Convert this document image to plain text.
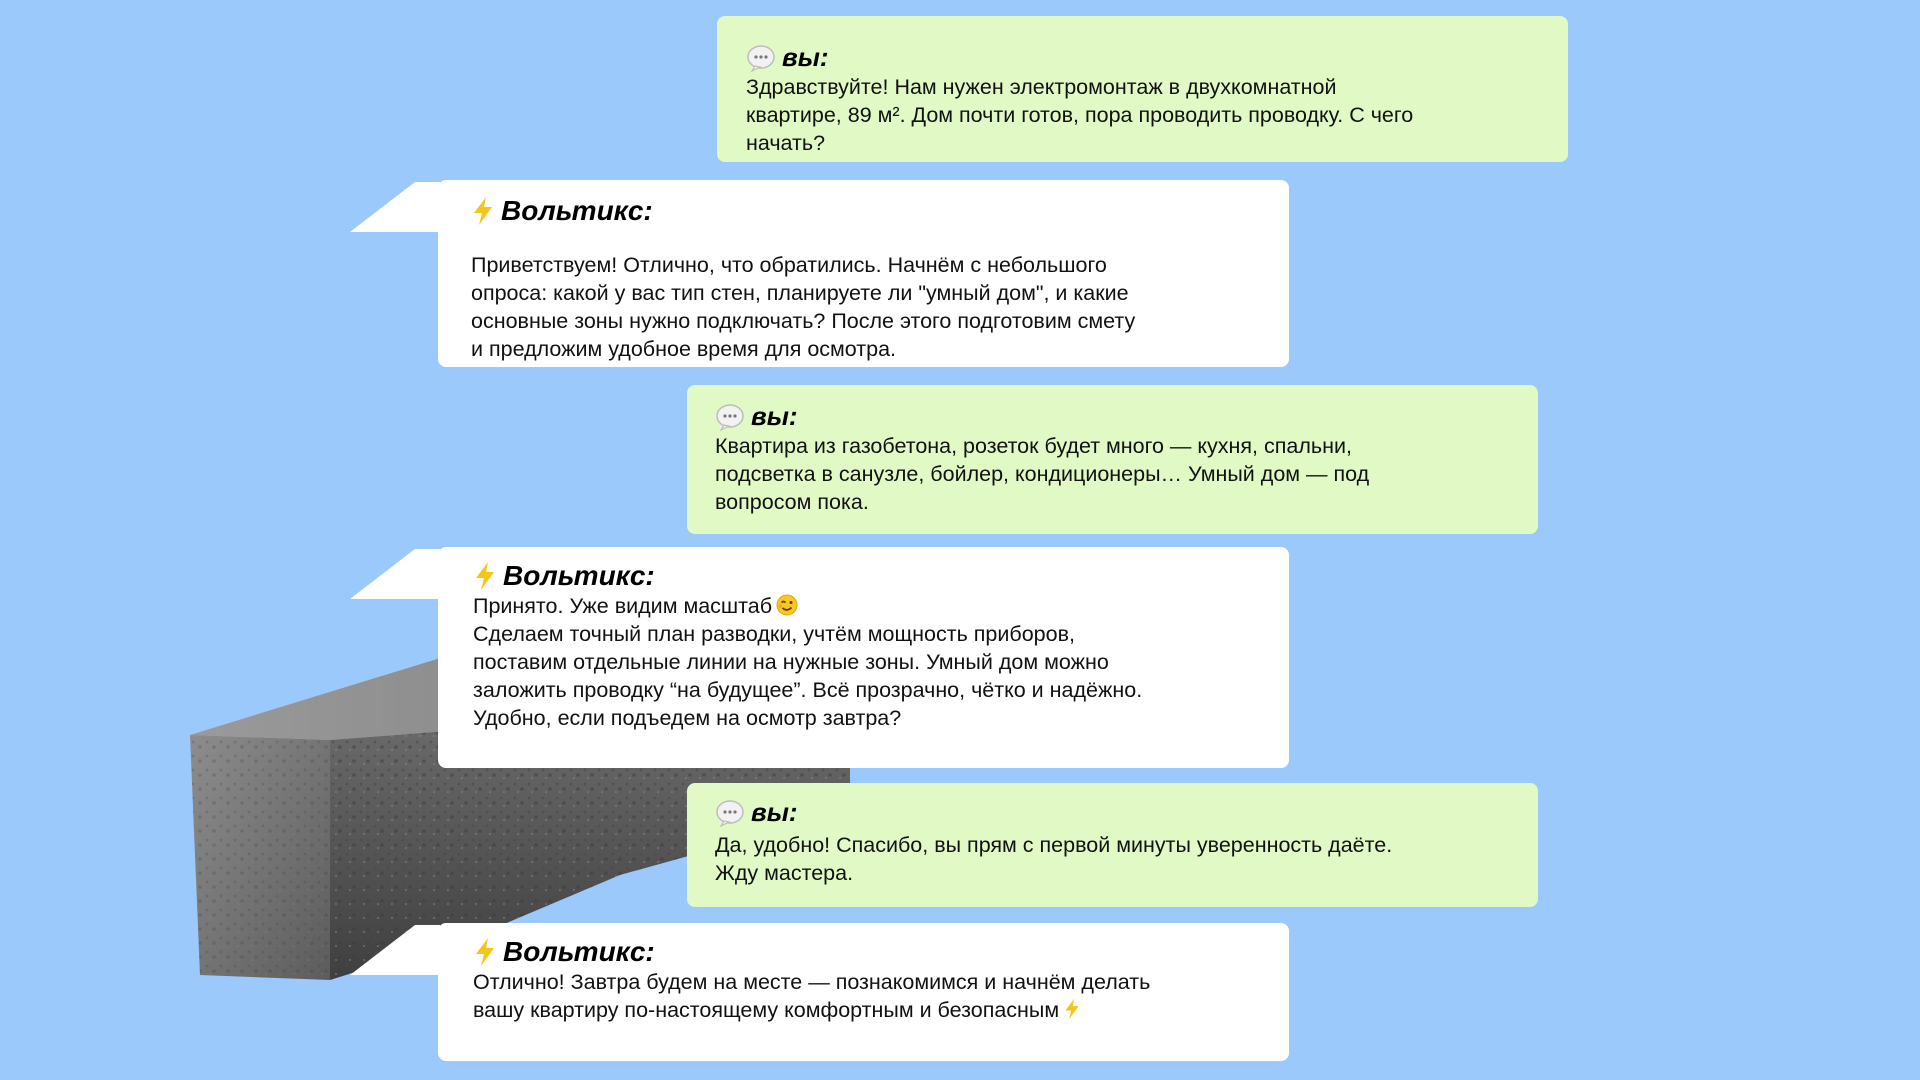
вы:

Здравствуйте! Нам нужен электромонтаж в двухкомнатной
квартире, 89 м². Дом почти готов, пора проводить проводку. С чего
начать?

Вольтикс:

Приветствуем! Отлично, что обратились. Начнём с небольшого
опроса: какой у вас тип стен, планируете ли "умный дом", и какие
основные зоны нужно подключать? После этого подготовим смету
и предложим удобное время для осмотра.

вы:

Квартира из газобетона, розеток будет много — кухня, спальни,
подсветка в санузле, бойлер, кондиционеры… Умный дом — под
вопросом пока.

Вольтикс:

Принято. Уже видим масштаб

Сделаем точный план разводки, учтём мощность приборов,
поставим отдельные линии на нужные зоны. Умный дом можно
заложить проводку “на будущее”. Всё прозрачно, чётко и надёжно.
Удобно, если подъедем на осмотр завтра?

вы:

Да, удобно! Спасибо, вы прям с первой минуты уверенность даёте.
Жду мастера.

Вольтикс:

Отлично! Завтра будем на месте — познакомимся и начнём делать
вашу квартиру по-настоящему комфортным и безопасным
